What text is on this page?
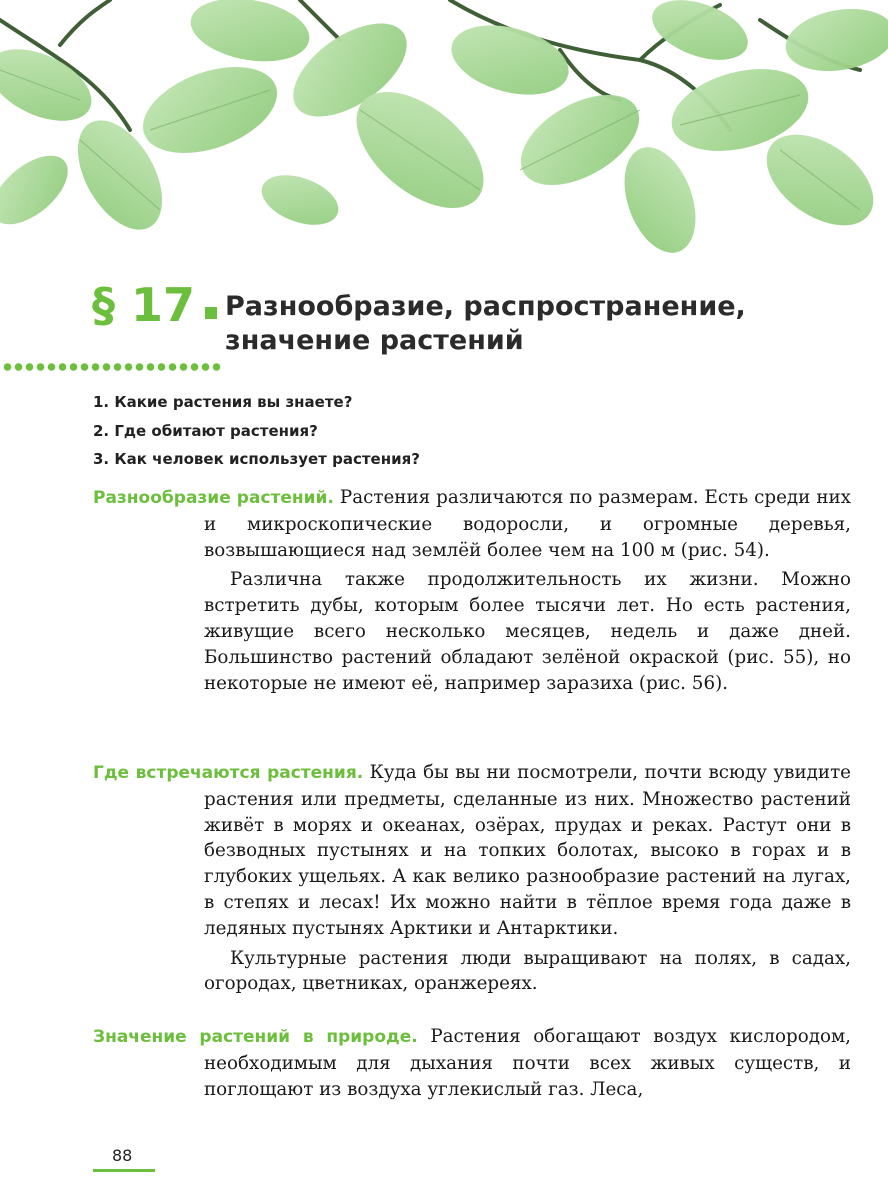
§ 17 Разнообразие, распространение,
значение растений
1. Какие растения вы знаете?
2. Где обитают растения?
3. Как человек использует растения?

Разнообразие растений. Растения различаются по размерам. Есть среди них и микроскопические водоросли, и огромные деревья, возвышающиеся над землёй более чем на 100 м (рис. 54).

Различна также продолжительность их жизни. Можно встретить дубы, которым более тысячи лет. Но есть растения, живущие всего несколько месяцев, недель и даже дней. Большинство растений обладают зелёной окраской (рис. 55), но некоторые не имеют её, например заразиха (рис. 56).

Где встречаются растения. Куда бы вы ни посмотрели, почти всюду увидите растения или предметы, сделанные из них. Множество растений живёт в морях и океанах, озёрах, прудах и реках. Растут они в безводных пустынях и на топких болотах, высоко в горах и в глубоких ущельях. А как велико разнообразие растений на лугах, в степях и лесах! Их можно найти в тёплое время года даже в ледяных пустынях Арктики и Антарктики.

Культурные растения люди выращивают на полях, в садах, огородах, цветниках, оранжереях.

Значение растений в природе. Растения обогащают воздух кислородом, необходимым для дыхания почти всех живых существ, и поглощают из воздуха углекислый газ. Леса,

88
